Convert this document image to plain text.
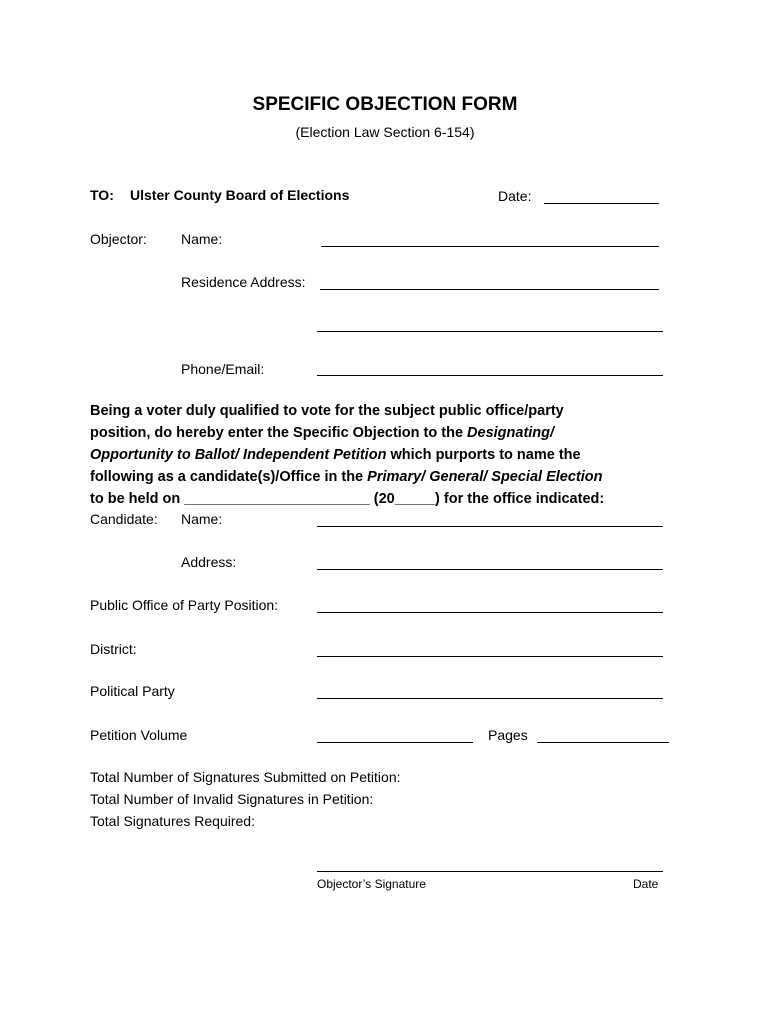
SPECIFIC OBJECTION FORM
(Election Law Section 6-154)
TO: Ulster County Board of Elections	Date:
Objector: Name:
Residence Address:
Phone/Email:
Being a voter duly qualified to vote for the subject public office/party
position, do hereby enter the Specific Objection to the Designating/
Opportunity to Ballot/ Independent Petition which purports to name the
following as a candidate(s)/Office in the Primary/ General/ Special Election
to be held on _______________________ (20_____) for the office indicated:
Candidate: Name:
Address:
Public Office of Party Position:
District:
Political Party
Petition Volume	Pages
Total Number of Signatures Submitted on Petition:
Total Number of Invalid Signatures in Petition:
Total Signatures Required:
Objector’s Signature	Date
